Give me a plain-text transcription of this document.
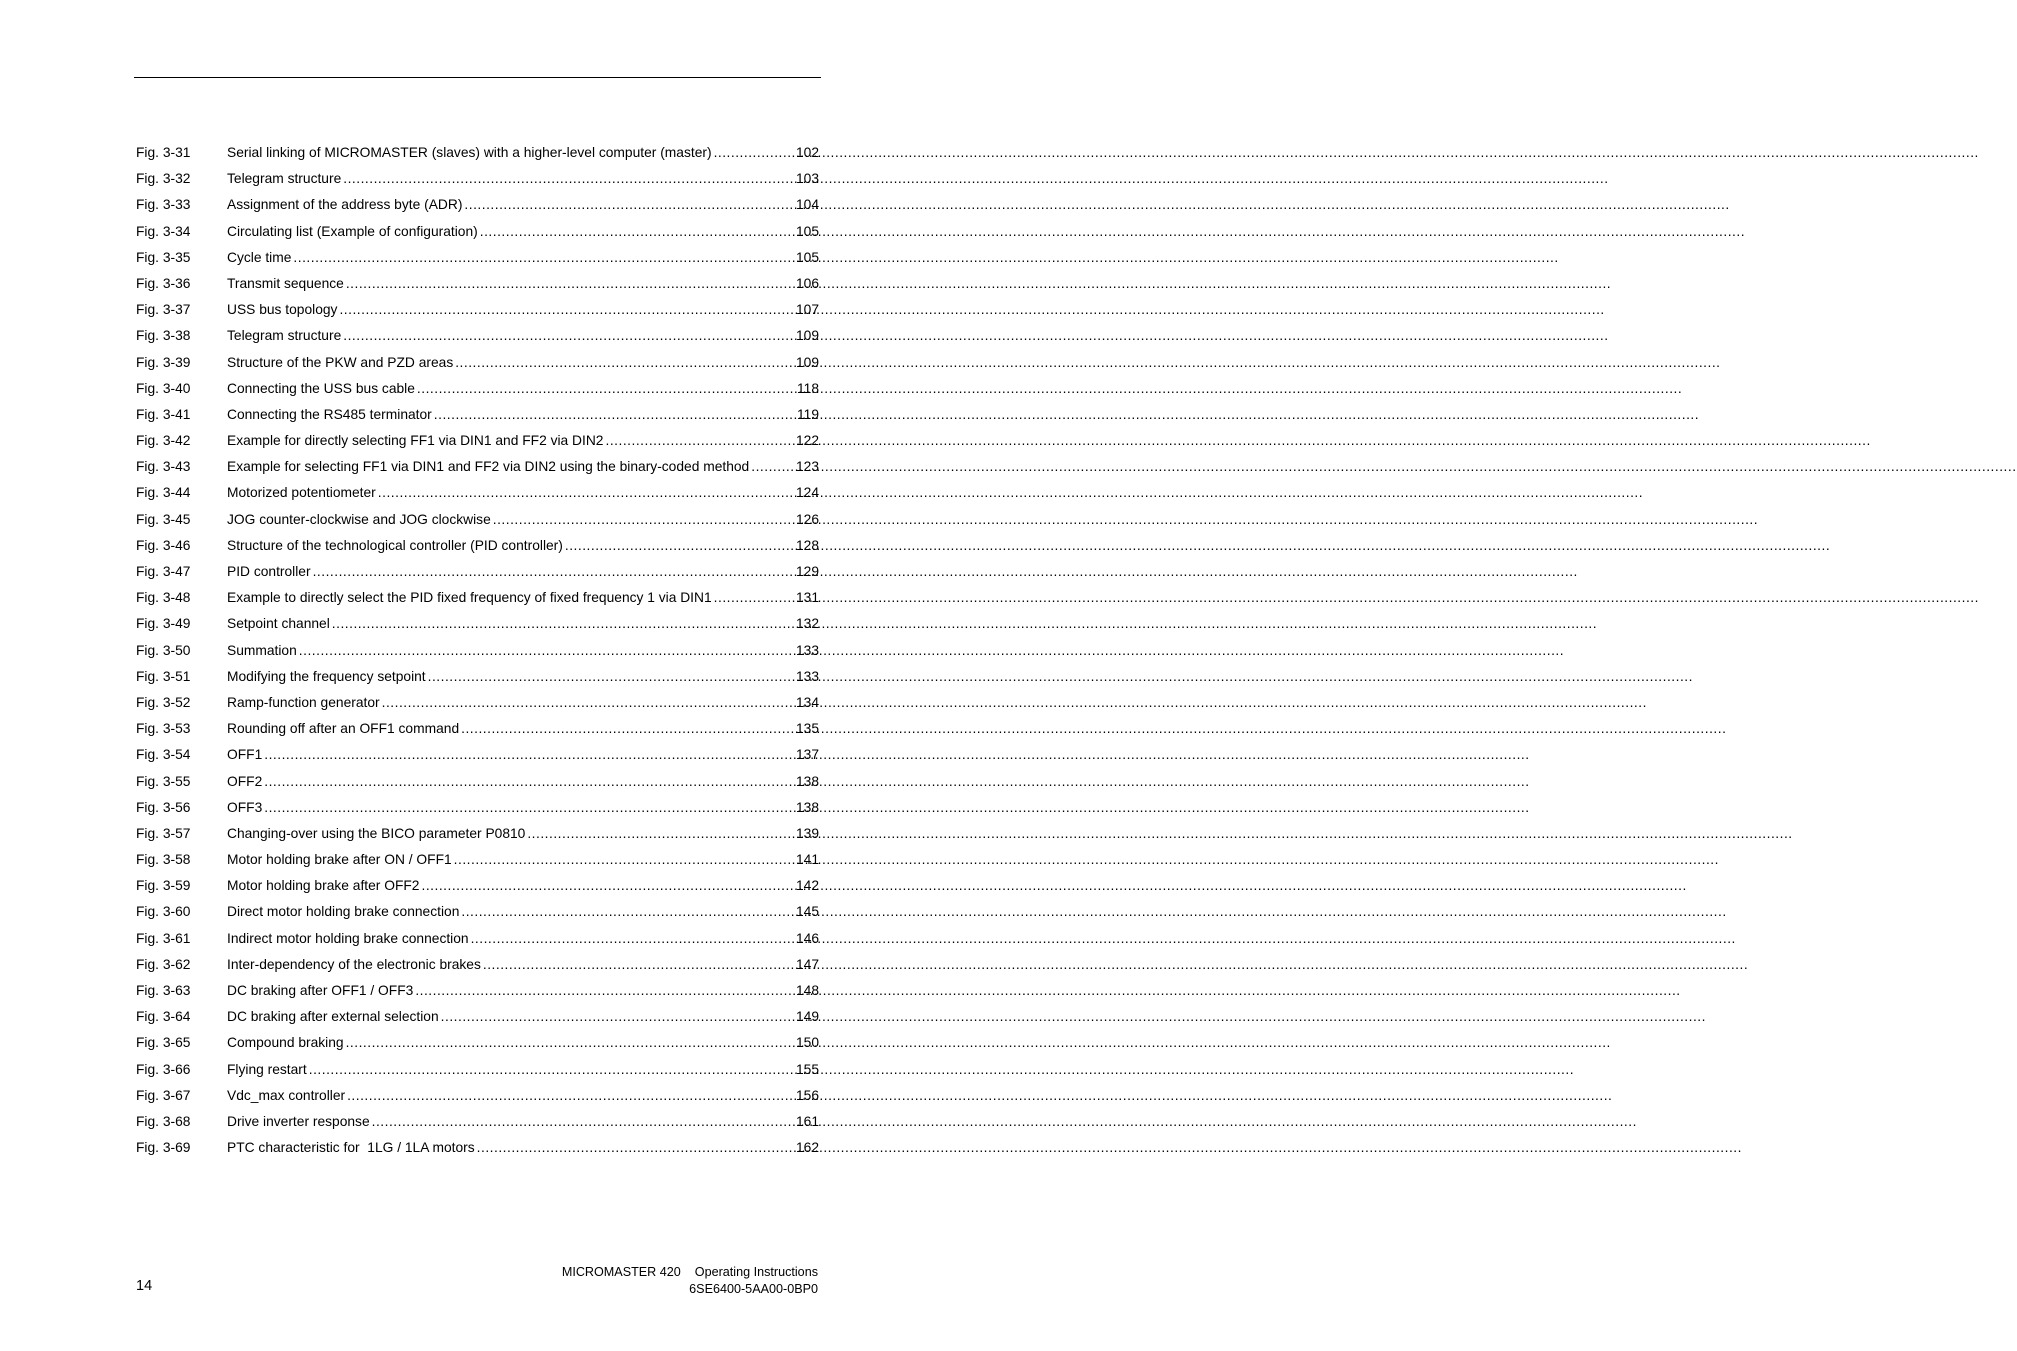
Fig. 3-31	Serial linking of MICROMASTER (slaves) with a higher-level computer (master) .....	102
Fig. 3-32	Telegram structure .....	103
Fig. 3-33	Assignment of the address byte (ADR) .....	104
Fig. 3-34	Circulating list (Example of configuration) .....	105
Fig. 3-35	Cycle time .....	105
Fig. 3-36	Transmit sequence .....	106
Fig. 3-37	USS bus topology .....	107
Fig. 3-38	Telegram structure .....	109
Fig. 3-39	Structure of the PKW and PZD areas .....	109
Fig. 3-40	Connecting the USS bus cable .....	118
Fig. 3-41	Connecting the RS485 terminator .....	119
Fig. 3-42	Example for directly selecting FF1 via DIN1 and FF2 via DIN2 .....	122
Fig. 3-43	Example for selecting FF1 via DIN1 and FF2 via DIN2 using the binary-coded method .....	123
Fig. 3-44	Motorized potentiometer .....	124
Fig. 3-45	JOG counter-clockwise and JOG clockwise .....	126
Fig. 3-46	Structure of the technological controller (PID controller) .....	128
Fig. 3-47	PID controller .....	129
Fig. 3-48	Example to directly select the PID fixed frequency of fixed frequency 1 via DIN1 .....	131
Fig. 3-49	Setpoint channel .....	132
Fig. 3-50	Summation .....	133
Fig. 3-51	Modifying the frequency setpoint .....	133
Fig. 3-52	Ramp-function generator .....	134
Fig. 3-53	Rounding off after an OFF1 command .....	135
Fig. 3-54	OFF1 .....	137
Fig. 3-55	OFF2 .....	138
Fig. 3-56	OFF3 .....	138
Fig. 3-57	Changing-over using the BICO parameter P0810 .....	139
Fig. 3-58	Motor holding brake after ON / OFF1 .....	141
Fig. 3-59	Motor holding brake after OFF2 .....	142
Fig. 3-60	Direct motor holding brake connection .....	145
Fig. 3-61	Indirect motor holding brake connection .....	146
Fig. 3-62	Inter-dependency of the electronic brakes .....	147
Fig. 3-63	DC braking after OFF1 / OFF3 .....	148
Fig. 3-64	DC braking after external selection .....	149
Fig. 3-65	Compound braking .....	150
Fig. 3-66	Flying restart .....	155
Fig. 3-67	Vdc_max controller .....	156
Fig. 3-68	Drive inverter response .....	161
Fig. 3-69	PTC characteristic for  1LG / 1LA motors .....	162
14
MICROMASTER 420    Operating Instructions
6SE6400-5AA00-0BP0
